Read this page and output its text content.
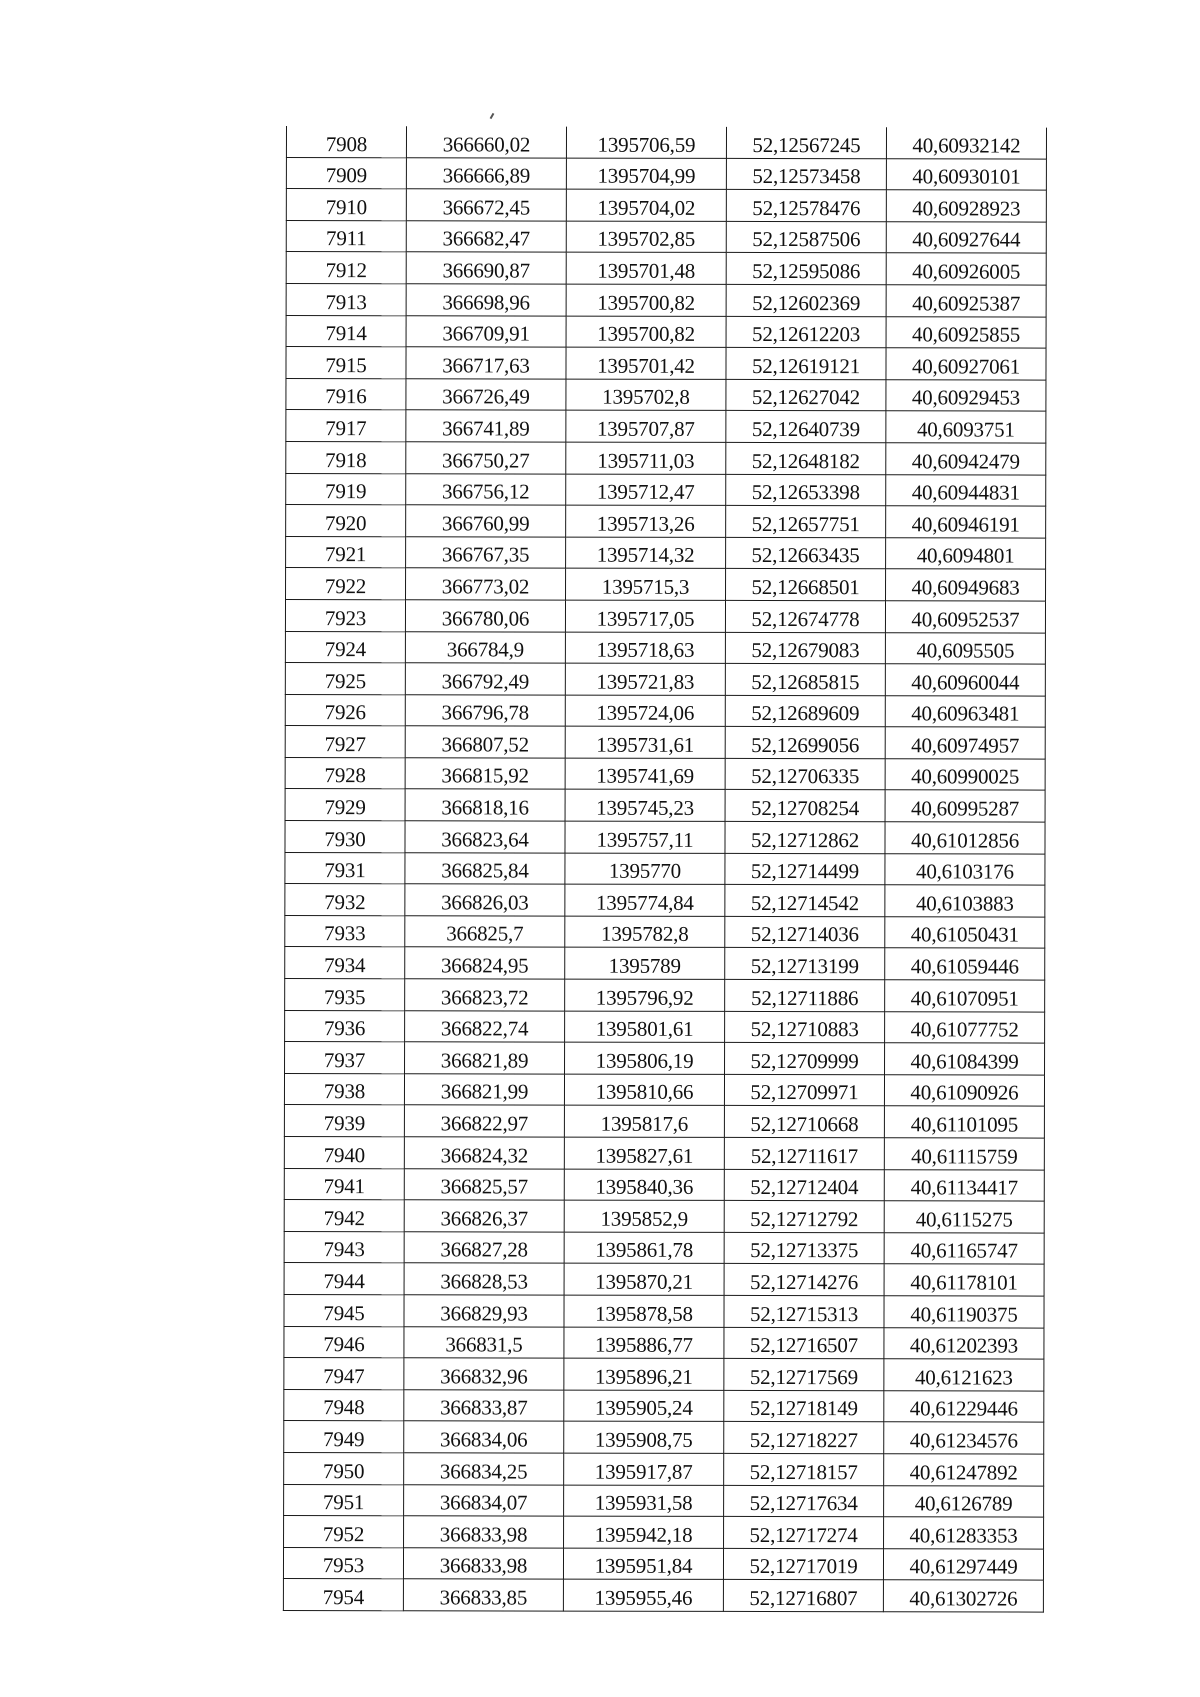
7908	366660,02	1395706,59	52,12567245	40,60932142
7909	366666,89	1395704,99	52,12573458	40,60930101
7910	366672,45	1395704,02	52,12578476	40,60928923
7911	366682,47	1395702,85	52,12587506	40,60927644
7912	366690,87	1395701,48	52,12595086	40,60926005
7913	366698,96	1395700,82	52,12602369	40,60925387
7914	366709,91	1395700,82	52,12612203	40,60925855
7915	366717,63	1395701,42	52,12619121	40,60927061
7916	366726,49	1395702,8	52,12627042	40,60929453
7917	366741,89	1395707,87	52,12640739	40,6093751
7918	366750,27	1395711,03	52,12648182	40,60942479
7919	366756,12	1395712,47	52,12653398	40,60944831
7920	366760,99	1395713,26	52,12657751	40,60946191
7921	366767,35	1395714,32	52,12663435	40,6094801
7922	366773,02	1395715,3	52,12668501	40,60949683
7923	366780,06	1395717,05	52,12674778	40,60952537
7924	366784,9	1395718,63	52,12679083	40,6095505
7925	366792,49	1395721,83	52,12685815	40,60960044
7926	366796,78	1395724,06	52,12689609	40,60963481
7927	366807,52	1395731,61	52,12699056	40,60974957
7928	366815,92	1395741,69	52,12706335	40,60990025
7929	366818,16	1395745,23	52,12708254	40,60995287
7930	366823,64	1395757,11	52,12712862	40,61012856
7931	366825,84	1395770	52,12714499	40,6103176
7932	366826,03	1395774,84	52,12714542	40,6103883
7933	366825,7	1395782,8	52,12714036	40,61050431
7934	366824,95	1395789	52,12713199	40,61059446
7935	366823,72	1395796,92	52,12711886	40,61070951
7936	366822,74	1395801,61	52,12710883	40,61077752
7937	366821,89	1395806,19	52,12709999	40,61084399
7938	366821,99	1395810,66	52,12709971	40,61090926
7939	366822,97	1395817,6	52,12710668	40,61101095
7940	366824,32	1395827,61	52,12711617	40,61115759
7941	366825,57	1395840,36	52,12712404	40,61134417
7942	366826,37	1395852,9	52,12712792	40,6115275
7943	366827,28	1395861,78	52,12713375	40,61165747
7944	366828,53	1395870,21	52,12714276	40,61178101
7945	366829,93	1395878,58	52,12715313	40,61190375
7946	366831,5	1395886,77	52,12716507	40,61202393
7947	366832,96	1395896,21	52,12717569	40,6121623
7948	366833,87	1395905,24	52,12718149	40,61229446
7949	366834,06	1395908,75	52,12718227	40,61234576
7950	366834,25	1395917,87	52,12718157	40,61247892
7951	366834,07	1395931,58	52,12717634	40,6126789
7952	366833,98	1395942,18	52,12717274	40,61283353
7953	366833,98	1395951,84	52,12717019	40,61297449
7954	366833,85	1395955,46	52,12716807	40,61302726
